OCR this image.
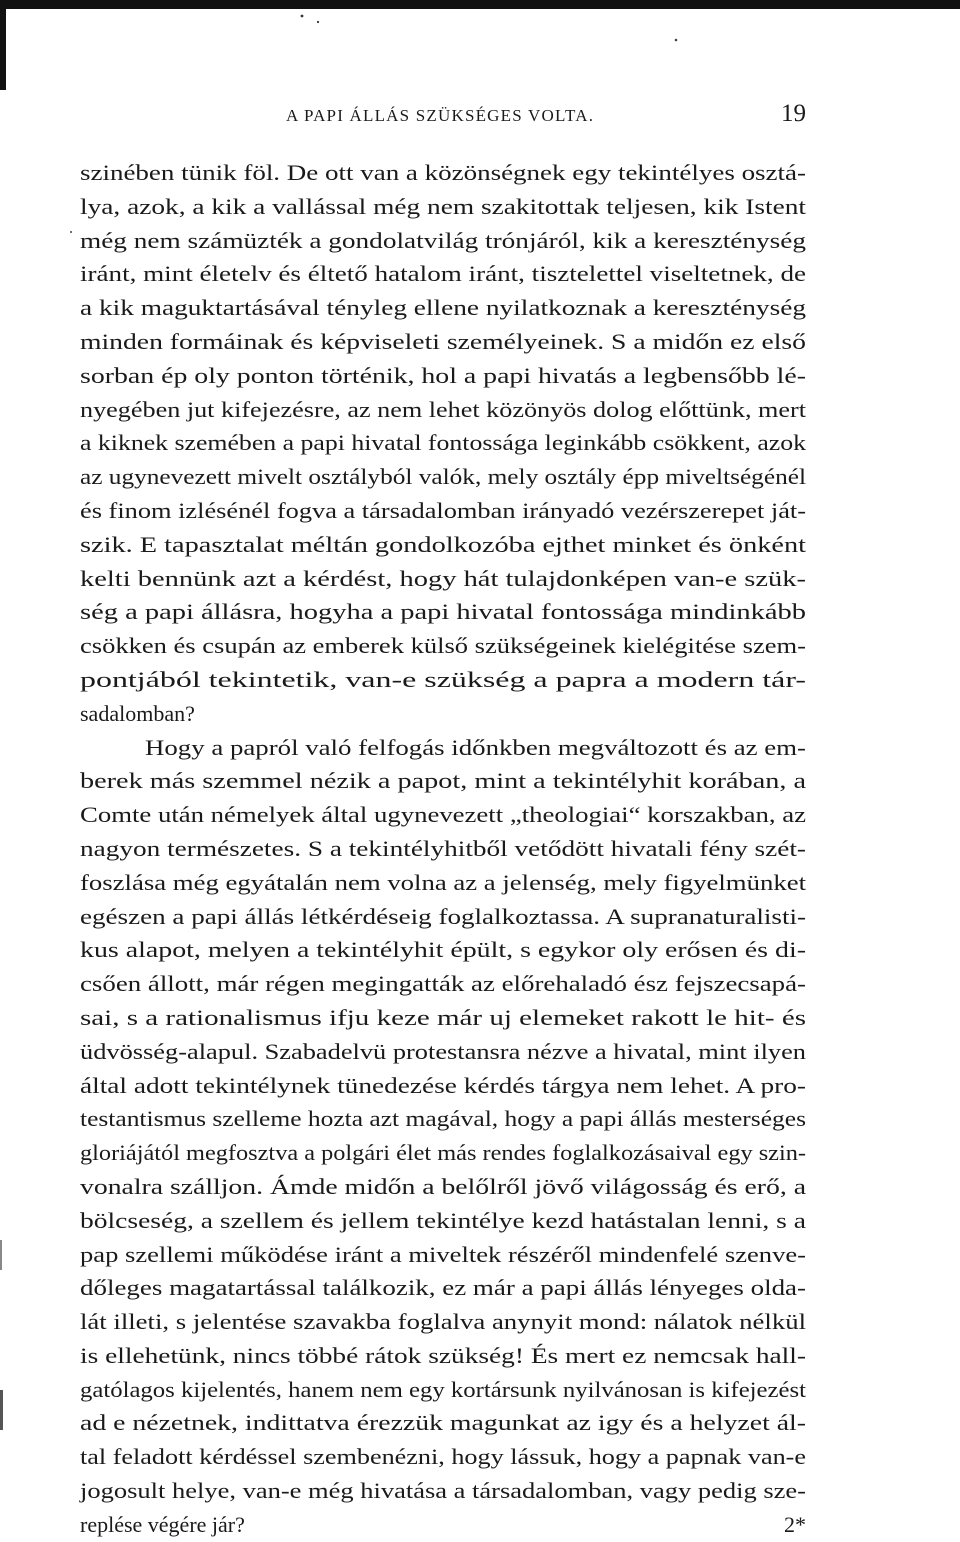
A PAPI ÁLLÁS SZÜKSÉGES VOLTA.	19
szinében tünik föl. De ott van a közönségnek egy tekintélyes osztá-
lya, azok, a kik a vallással még nem szakitottak teljesen, kik Istent
még nem számüzték a gondolatvilág trónjáról, kik a kereszténység
iránt, mint életelv és éltető hatalom iránt, tisztelettel viseltetnek, de
a kik maguktartásával tényleg ellene nyilatkoznak a kereszténység
minden formáinak és képviseleti személyeinek. S a midőn ez első
sorban ép oly ponton történik, hol a papi hivatás a legbensőbb lé-
nyegében jut kifejezésre, az nem lehet közönyös dolog előttünk, mert
a kiknek szemében a papi hivatal fontossága leginkább csökkent, azok
az ugynevezett mivelt osztályból valók, mely osztály épp miveltségénél
és finom izlésénél fogva a társadalomban irányadó vezérszerepet ját-
szik. E tapasztalat méltán gondolkozóba ejthet minket és önként
kelti bennünk azt a kérdést, hogy hát tulajdonképen van-e szük-
ség a papi állásra, hogyha a papi hivatal fontossága mindinkább
csökken és csupán az emberek külső szükségeinek kielégitése szem-
pontjából tekintetik, van-e szükség a papra a modern tár-
sadalomban?
Hogy a papról való felfogás időnkben megváltozott és az em-
berek más szemmel nézik a papot, mint a tekintélyhit korában, a
Comte után némelyek által ugynevezett „theologiai“ korszakban, az
nagyon természetes. S a tekintélyhitből vetődött hivatali fény szét-
foszlása még egyátalán nem volna az a jelenség, mely figyelmünket
egészen a papi állás létkérdéseig foglalkoztassa. A supranaturalisti-
kus alapot, melyen a tekintélyhit épült, s egykor oly erősen és di-
csően állott, már régen megingatták az előrehaladó ész fejszecsapá-
sai, s a rationalismus ifju keze már uj elemeket rakott le hit- és
üdvösség-alapul. Szabadelvü protestansra nézve a hivatal, mint ilyen
által adott tekintélynek tünedezése kérdés tárgya nem lehet. A pro-
testantismus szelleme hozta azt magával, hogy a papi állás mesterséges
gloriájától megfosztva a polgári élet más rendes foglalkozásaival egy szin-
vonalra szálljon. Ámde midőn a belőlről jövő világosság és erő, a
bölcseség, a szellem és jellem tekintélye kezd hatástalan lenni, s a
pap szellemi működése iránt a miveltek részéről mindenfelé szenve-
dőleges magatartással találkozik, ez már a papi állás lényeges olda-
lát illeti, s jelentése szavakba foglalva anynyit mond: nálatok nélkül
is ellehetünk, nincs többé rátok szükség! És mert ez nemcsak hall-
gatólagos kijelentés, hanem nem egy kortársunk nyilvánosan is kifejezést
ad e nézetnek, indittatva érezzük magunkat az igy és a helyzet ál-
tal feladott kérdéssel szembenézni, hogy lássuk, hogy a papnak van-e
jogosult helye, van-e még hivatása a társadalomban, vagy pedig sze-
replése végére jár?	2*
